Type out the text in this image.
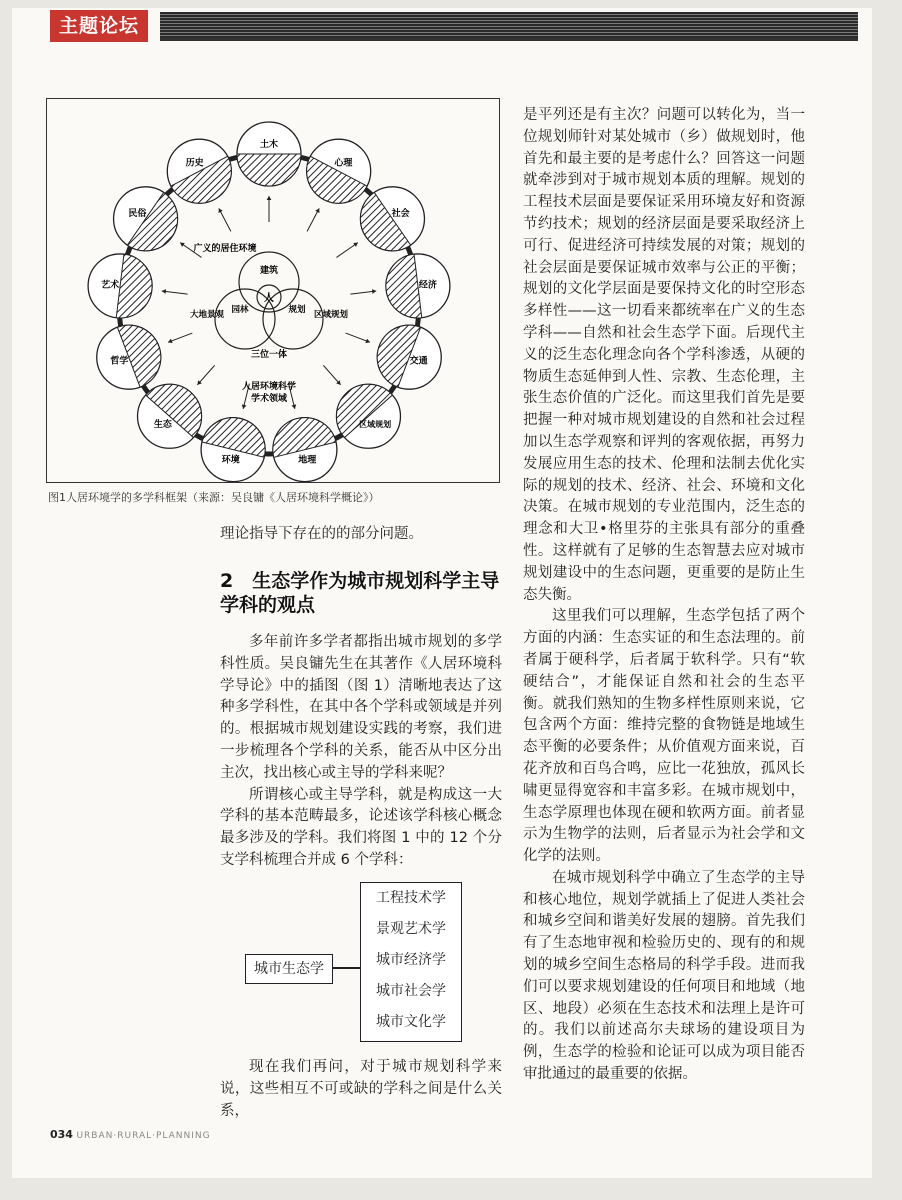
主题论坛
土木
心理
社会
经济
交通
区域规划
地理
环境
生态
哲学
艺术
民俗
历史
广义的居住环境
建筑
人
大地景观 园林	规划 区域规划
三位一体
人居环境科学
学术领域
图1人居环境学的多学科框架（来源：吴良镛《人居环境科学概论》）

是平列还是有主次？问题可以转化为，当一位规划师针对某处城市（乡）做规划时，他首先和最主要的是考虑什么？回答这一问题就牵涉到对于城市规划本质的理解。规划的工程技术层面是要保证采用环境友好和资源节约技术；规划的经济层面是要采取经济上可行、促进经济可持续发展的对策；规划的社会层面是要保证城市效率与公正的平衡；规划的文化学层面是要保持文化的时空形态多样性——这一切看来都统率在广义的生态学科——自然和社会生态学下面。后现代主义的泛生态化理念向各个学科渗透，从硬的物质生态延伸到人性、宗教、生态伦理，主张生态价值的广泛化。而这里我们首先是要把握一种对城市规划建设的自然和社会过程加以生态学观察和评判的客观依据，再努力发展应用生态的技术、伦理和法制去优化实际的规划的技术、经济、社会、环境和文化决策。在城市规划的专业范围内，泛生态的理念和大卫•格里芬的主张具有部分的重叠性。这样就有了足够的生态智慧去应对城市规划建设中的生态问题，更重要的是防止生态失衡。

这里我们可以理解，生态学包括了两个方面的内涵：生态实证的和生态法理的。前者属于硬科学，后者属于软科学。只有“软硬结合”，才能保证自然和社会的生态平衡。就我们熟知的生物多样性原则来说，它包含两个方面：维持完整的食物链是地域生态平衡的必要条件；从价值观方面来说，百花齐放和百鸟合鸣，应比一花独放，孤风长啸更显得宽容和丰富多彩。在城市规划中，生态学原理也体现在硬和软两方面。前者显示为生物学的法则，后者显示为社会学和文化学的法则。

在城市规划科学中确立了生态学的主导和核心地位，规划学就插上了促进人类社会和城乡空间和谐美好发展的翅膀。首先我们有了生态地审视和检验历史的、现有的和规划的城乡空间生态格局的科学手段。进而我们可以要求规划建设的任何项目和地域（地区、地段）必须在生态技术和法理上是许可的。我们以前述高尔夫球场的建设项目为例，生态学的检验和论证可以成为项目能否审批通过的最重要的依据。

理论指导下存在的的部分问题。

2　生态学作为城市规划科学主导学科的观点

多年前许多学者都指出城市规划的多学科性质。吴良镛先生在其著作《人居环境科学导论》中的插图（图 1）清晰地表达了这种多学科性，在其中各个学科或领域是并列的。根据城市规划建设实践的考察，我们进一步梳理各个学科的关系，能否从中区分出主次，找出核心或主导的学科来呢？

所谓核心或主导学科，就是构成这一大学科的基本范畴最多，论述该学科核心概念最多涉及的学科。我们将图 1 中的 12 个分支学科梳理合并成 6 个学科：

城市生态学
工程技术学
景观艺术学
城市经济学
城市社会学
城市文化学

现在我们再问，对于城市规划科学来说，这些相互不可或缺的学科之间是什么关系，

034 URBAN·RURAL·PLANNING
